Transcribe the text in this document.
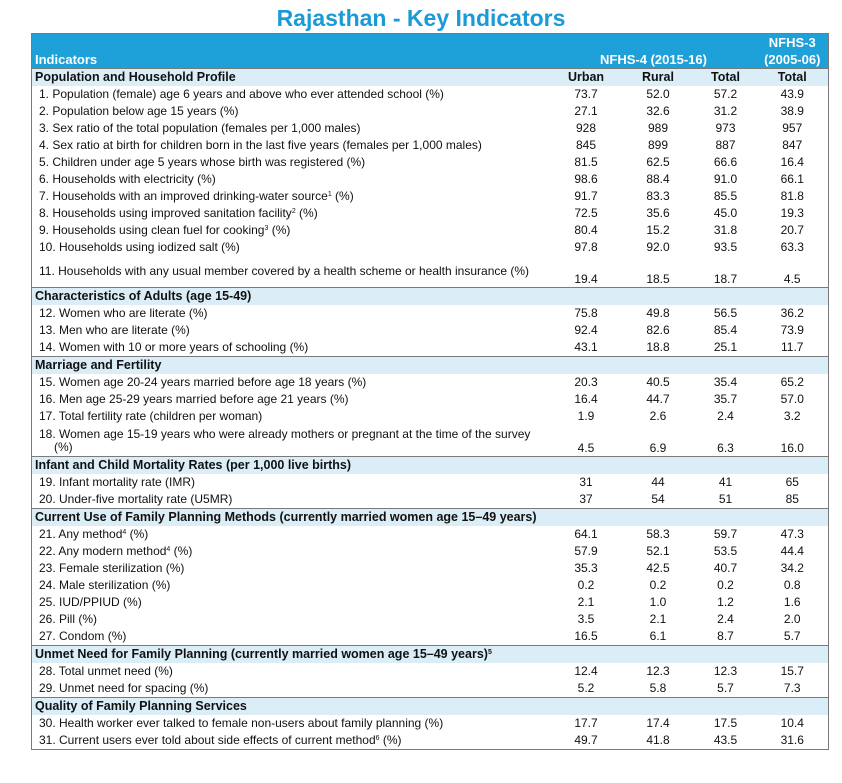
Rajasthan - Key Indicators
				NFHS-3
Indicators	NFHS-4 (2015-16)			(2005-06)
Population and Household Profile	Urban	Rural	Total	Total
1. Population (female) age 6 years and above who ever attended school (%)	73.7	52.0	57.2	43.9
2. Population below age 15 years (%)	27.1	32.6	31.2	38.9
3. Sex ratio of the total population (females per 1,000 males)	928	989	973	957
4. Sex ratio at birth for children born in the last five years (females per 1,000 males)	845	899	887	847
5. Children under age 5 years whose birth was registered (%)	81.5	62.5	66.6	16.4
6. Households with electricity (%)	98.6	88.4	91.0	66.1
7. Households with an improved drinking-water source$^1$ (%)	91.7	83.3	85.5	81.8
8. Households using improved sanitation facility$^2$ (%)	72.5	35.6	45.0	19.3
9. Households using clean fuel for cooking$^3$ (%)	80.4	15.2	31.8	20.7
10. Households using iodized salt (%)	97.8	92.0	93.5	63.3
11. Households with any usual member covered by a health scheme or health insurance (%)	19.4	18.5	18.7	4.5
Characteristics of Adults (age 15-49)				
12. Women who are literate (%)	75.8	49.8	56.5	36.2
13. Men who are literate (%)	92.4	82.6	85.4	73.9
14. Women with 10 or more years of schooling (%)	43.1	18.8	25.1	11.7
Marriage and Fertility				
15. Women age 20-24 years married before age 18 years (%)	20.3	40.5	35.4	65.2
16. Men age 25-29 years married before age 21 years (%)	16.4	44.7	35.7	57.0
17. Total fertility rate (children per woman)	1.9	2.6	2.4	3.2
18. Women age 15-19 years who were already mothers or pregnant at the time of the survey (%)	4.5	6.9	6.3	16.0
Infant and Child Mortality Rates (per 1,000 live births)				
19. Infant mortality rate (IMR)	31	44	41	65
20. Under-five mortality rate (U5MR)	37	54	51	85
Current Use of Family Planning Methods (currently married women age 15–49 years)				
21. Any method$^4$ (%)	64.1	58.3	59.7	47.3
22. Any modern method$^4$ (%)	57.9	52.1	53.5	44.4
23. Female sterilization (%)	35.3	42.5	40.7	34.2
24. Male sterilization (%)	0.2	0.2	0.2	0.8
25. IUD/PPIUD (%)	2.1	1.0	1.2	1.6
26. Pill (%)	3.5	2.1	2.4	2.0
27. Condom (%)	16.5	6.1	8.7	5.7
Unmet Need for Family Planning (currently married women age 15–49 years)$^5$
28. Total unmet need (%)	12.4	12.3	12.3	15.7
29. Unmet need for spacing (%)	5.2	5.8	5.7	7.3
Quality of Family Planning Services				
30. Health worker ever talked to female non-users about family planning (%)	17.7	17.4	17.5	10.4
31. Current users ever told about side effects of current method$^6$ (%)	49.7	41.8	43.5	31.6
